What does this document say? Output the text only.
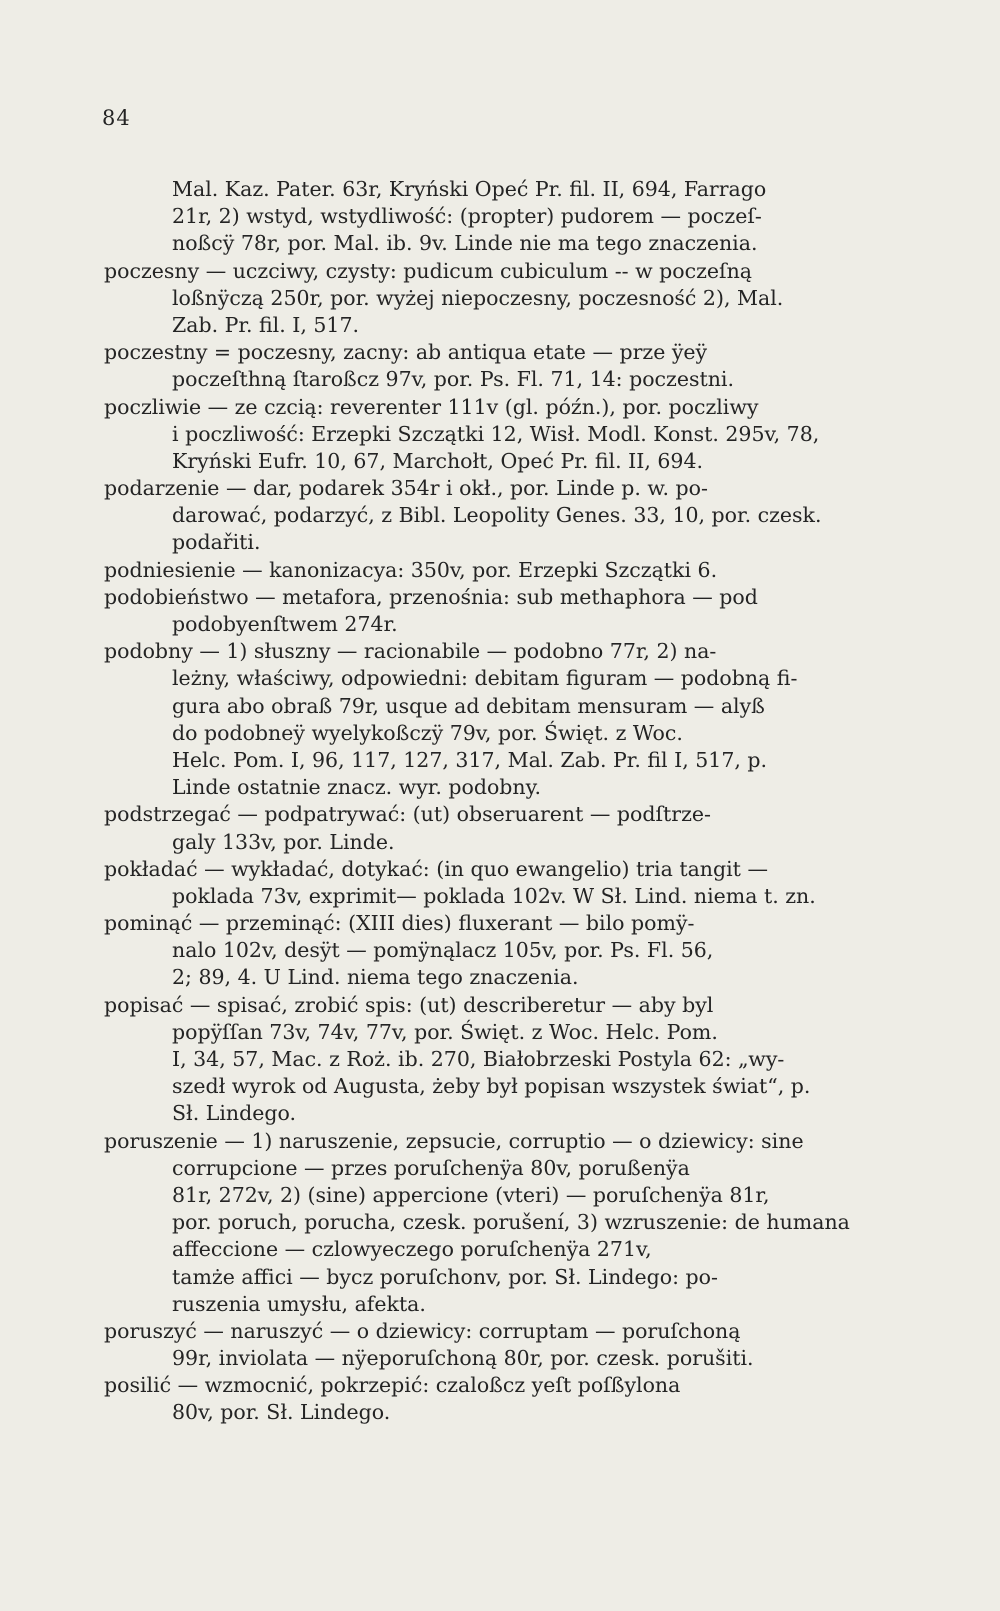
84
Mal. Kaz. Pater. 63r, Kryński Opeć Pr. fil. II, 694, Farrago
21r, 2) wstyd, wstydliwość: (propter) pudorem — poczeſ-
noßcÿ 78r, por. Mal. ib. 9v. Linde nie ma tego znaczenia.
poczesny — uczciwy, czysty: pudicum cubiculum -- w poczeſną
loßnÿczą 250r, por. wyżej niepoczesny, poczesność 2), Mal.
Zab. Pr. fil. I, 517.
poczestny = poczesny, zacny: ab antiqua etate — prze ÿeÿ
poczeſthną ſtaroßcz 97v, por. Ps. Fl. 71, 14: poczestni.
poczliwie — ze czcią: reverenter 111v (gl. późn.), por. poczliwy
i poczliwość: Erzepki Szczątki 12, Wisł. Modl. Konst. 295v, 78,
Kryński Eufr. 10, 67, Marchołt, Opeć Pr. fil. II, 694.
podarzenie — dar, podarek 354r i okł., por. Linde p. w. po-
darować, podarzyć, z Bibl. Leopolity Genes. 33, 10, por. czesk.
podařiti.
podniesienie — kanonizacya: 350v, por. Erzepki Szczątki 6.
podobieństwo — metafora, przenośnia: sub methaphora — pod
podobyenſtwem 274r.
podobny — 1) słuszny — racionabile — podobno 77r, 2) na-
leżny, właściwy, odpowiedni: debitam figuram — podobną fi-
gura abo obraß 79r, usque ad debitam mensuram — alyß
do podobneÿ wyelykoßczÿ 79v, por. Święt. z Woc.
Helc. Pom. I, 96, 117, 127, 317, Mal. Zab. Pr. fil I, 517, p.
Linde ostatnie znacz. wyr. podobny.
podstrzegać — podpatrywać: (ut) obseruarent — podſtrze-
galy 133v, por. Linde.
pokładać — wykładać, dotykać: (in quo ewangelio) tria tangit —
poklada 73v, exprimit— poklada 102v. W Sł. Lind. niema t. zn.
pominąć — przeminąć: (XIII dies) fluxerant — bilo pomÿ-
nalo 102v, desÿt — pomÿnąlacz 105v, por. Ps. Fl. 56,
2; 89, 4. U Lind. niema tego znaczenia.
popisać — spisać, zrobić spis: (ut) describeretur — aby byl
popÿſſan 73v, 74v, 77v, por. Święt. z Woc. Helc. Pom.
I, 34, 57, Mac. z Roż. ib. 270, Białobrzeski Postyla 62: „wy-
szedł wyrok od Augusta, żeby był popisan wszystek świat“, p.
Sł. Lindego.
poruszenie — 1) naruszenie, zepsucie, corruptio — o dziewicy: sine
corrupcione — przes poruſchenÿa 80v, porußenÿa
81r, 272v, 2) (sine) appercione (vteri) — poruſchenÿa 81r,
por. poruch, porucha, czesk. porušení, 3) wzruszenie: de humana
affeccione — czlowyeczego poruſchenÿa 271v,
tamże affici — bycz poruſchonv, por. Sł. Lindego: po-
ruszenia umysłu, afekta.
poruszyć — naruszyć — o dziewicy: corruptam — poruſchoną
99r, inviolata — nÿeporuſchoną 80r, por. czesk. porušiti.
posilić — wzmocnić, pokrzepić: czaloßcz yeſt poſßylona
80v, por. Sł. Lindego.
